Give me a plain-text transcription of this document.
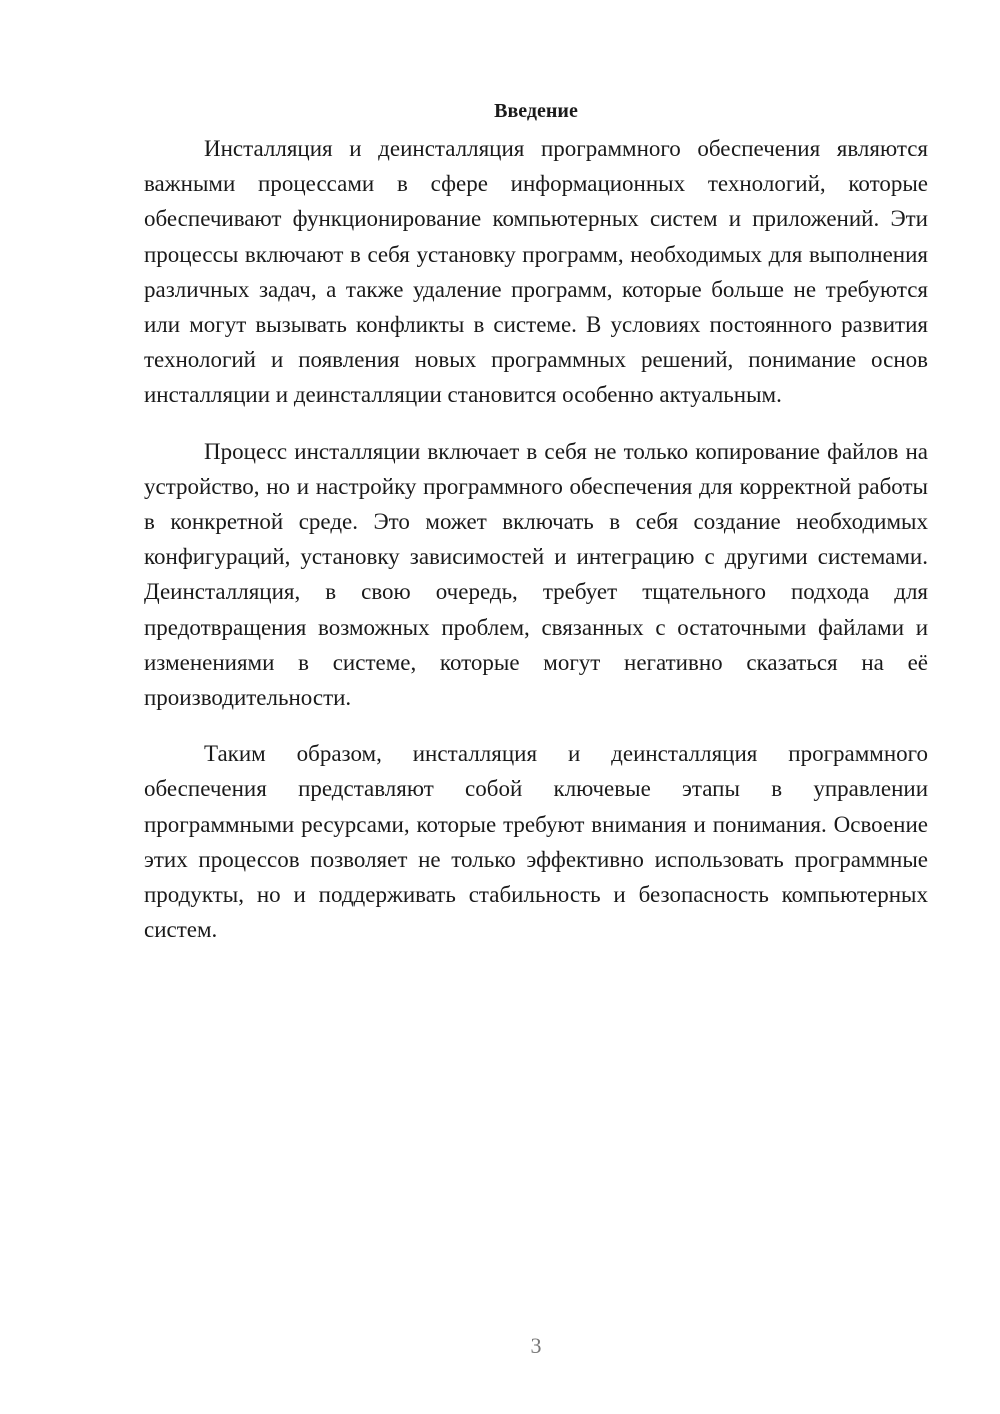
Введение

Инсталляция и деинсталляция программного обеспечения являются важными процессами в сфере информационных технологий, которые обеспечивают функционирование компьютерных систем и приложений. Эти процессы включают в себя установку программ, необходимых для выполнения различных задач, а также удаление программ, которые больше не требуются или могут вызывать конфликты в системе. В условиях постоянного развития технологий и появления новых программных решений, понимание основ инсталляции и деинсталляции становится особенно актуальным.

Процесс инсталляции включает в себя не только копирование файлов на устройство, но и настройку программного обеспечения для корректной работы в конкретной среде. Это может включать в себя создание необходимых конфигураций, установку зависимостей и интеграцию с другими системами. Деинсталляция, в свою очередь, требует тщательного подхода для предотвращения возможных проблем, связанных с остаточными файлами и изменениями в системе, которые могут негативно сказаться на её производительности.

Таким образом, инсталляция и деинсталляция программного обеспечения представляют собой ключевые этапы в управлении программными ресурсами, которые требуют внимания и понимания. Освоение этих процессов позволяет не только эффективно использовать программные продукты, но и поддерживать стабильность и безопасность компьютерных систем.

3
